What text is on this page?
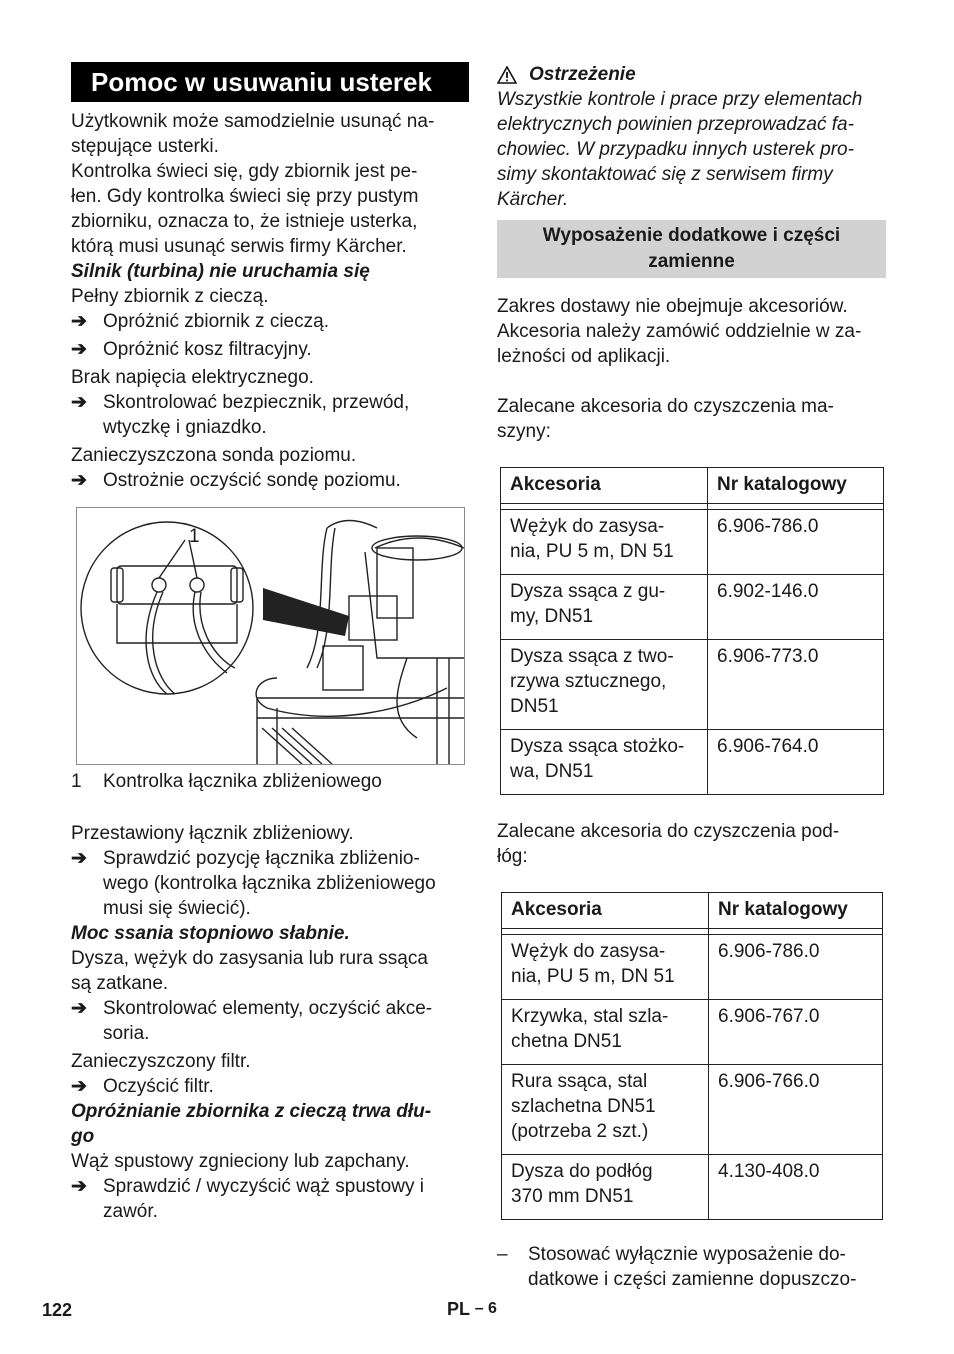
Pomoc w usuwaniu usterek

Użytkownik może samodzielnie usunąć na-

stępujące usterki.

Kontrolka świeci się, gdy zbiornik jest pe-

łen. Gdy kontrolka świeci się przy pustym

zbiorniku, oznacza to, że istnieje usterka,

którą musi usunąć serwis firmy Kärcher.

Silnik (turbina) nie uruchamia się

Pełny zbiornik z cieczą.

➔ Opróżnić zbiornik z cieczą.
➔ Opróżnić kosz filtracyjny.

Brak napięcia elektrycznego.

➔ Skontrolować bezpiecznik, przewód,
wtyczkę i gniazdko.

Zanieczyszczona sonda poziomu.

➔ Ostrożnie oczyścić sondę poziomu.
1
1	Kontrolka łącznika zbliżeniowego

Przestawiony łącznik zbliżeniowy.

➔ Sprawdzić pozycję łącznika zbliżenio-
wego (kontrolka łącznika zbliżeniowego
musi się świecić).

Moc ssania stopniowo słabnie.

Dysza, wężyk do zasysania lub rura ssąca

są zatkane.

➔ Skontrolować elementy, oczyścić akce-
soria.

Zanieczyszczony filtr.

➔ Oczyścić filtr.

Opróżnianie zbiornika z cieczą trwa dłu-

go

Wąż spustowy zgnieciony lub zapchany.

➔ Sprawdzić / wyczyścić wąż spustowy i
zawór.
Ostrzeżenie

Wszystkie kontrole i prace przy elementach

elektrycznych powinien przeprowadzać fa-

chowiec. W przypadku innych usterek pro-

simy skontaktować się z serwisem firmy

Kärcher.

Wyposażenie dodatkowe i części
zamienne

Zakres dostawy nie obejmuje akcesoriów.

Akcesoria należy zamówić oddzielnie w za-

leżności od aplikacji.

Zalecane akcesoria do czyszczenia ma-

szyny:

Akcesoria	Nr katalogowy

Wężyk do zasysa-
nia, PU 5 m, DN 51	6.906-786.0
Dysza ssąca z gu-
my, DN51	6.902-146.0
Dysza ssąca z two-
rzywa sztucznego,
DN51	6.906-773.0
Dysza ssąca stożko-
wa, DN51	6.906-764.0

Zalecane akcesoria do czyszczenia pod-

łóg:

Akcesoria	Nr katalogowy

Wężyk do zasysa-
nia, PU 5 m, DN 51	6.906-786.0
Krzywka, stal szla-
chetna DN51	6.906-767.0
Rura ssąca, stal
szlachetna DN51
(potrzeba 2 szt.)	6.906-766.0
Dysza do podłóg
370 mm DN51	4.130-408.0
–	Stosować wyłącznie wyposażenie do-
datkowe i części zamienne dopuszczo-
122	PL – 6
